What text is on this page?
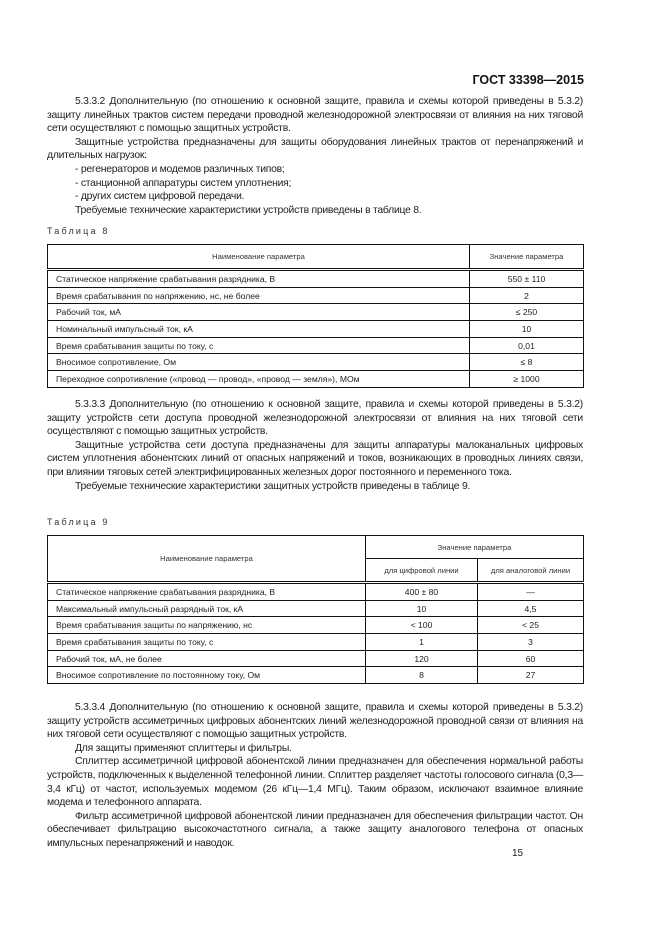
ГОСТ 33398—2015

5.3.3.2 Дополнительную (по отношению к основной защите, правила и схемы которой приведены в 5.3.2) защиту линейных трактов систем передачи проводной железнодорожной электросвязи от влияния на них тяговой сети осуществляют с помощью защитных устройств.

Защитные устройства предназначены для защиты оборудования линейных трактов от перенапряжений и длительных нагрузок:

- регенераторов и модемов различных типов;

- станционной аппаратуры систем уплотнения;

- других систем цифровой передачи.

Требуемые технические характеристики устройств приведены в таблице 8.

Таблица 8
Наименование параметра	Значение параметра
Статическое напряжение срабатывания разрядника, В	550 ± 110
Время срабатывания по напряжению, нс, не более	2
Рабочий ток, мА	≤ 250
Номинальный импульсный ток, кА	10
Время срабатывания защиты по току, с	0,01
Вносимое сопротивление, Ом	≤ 8
Переходное сопротивление («провод — провод», «провод — земля»), МОм	≥ 1000

5.3.3.3 Дополнительную (по отношению к основной защите, правила и схемы которой приведены в 5.3.2) защиту устройств сети доступа проводной железнодорожной электросвязи от влияния на них тяговой сети осуществляют с помощью защитных устройств.

Защитные устройства сети доступа предназначены для защиты аппаратуры малоканальных цифровых систем уплотнения абонентских линий от опасных напряжений и токов, возникающих в проводных линиях связи, при влиянии тяговых сетей электрифицированных железных дорог постоянного и переменного тока.

Требуемые технические характеристики защитных устройств приведены в таблице 9.

Таблица 9
Наименование параметра	Значение параметра	
	для цифровой линии	для аналоговой линии
Статическое напряжение срабатывания разрядника, В	400 ± 80	—
Максимальный импульсный разрядный ток, кА	10	4,5
Время срабатывания защиты по напряжению, нс	< 100	< 25
Время срабатывания защиты по току, с	1	3
Рабочий ток, мА, не более	120	60
Вносимое сопротивление по постоянному току, Ом	8	27

5.3.3.4 Дополнительную (по отношению к основной защите, правила и схемы которой приведены в 5.3.2) защиту устройств ассиметричных цифровых абонентских линий железнодорожной проводной связи от влияния на них тяговой сети осуществляют с помощью защитных устройств.

Для защиты применяют сплиттеры и фильтры.

Сплиттер ассиметричной цифровой абонентской линии предназначен для обеспечения нормальной работы устройств, подключенных к выделенной телефонной линии. Сплиттер разделяет частоты голосового сигнала (0,3—3,4 кГц) от частот, используемых модемом (26 кГц—1,4 МГц). Таким образом, исключают взаимное влияние модема и телефонного аппарата.

Фильтр ассиметричной цифровой абонентской линии предназначен для обеспечения фильтрации частот. Он обеспечивает фильтрацию высокочастотного сигнала, а также защиту аналогового телефона от опасных импульсных перенапряжений и наводок.

15
